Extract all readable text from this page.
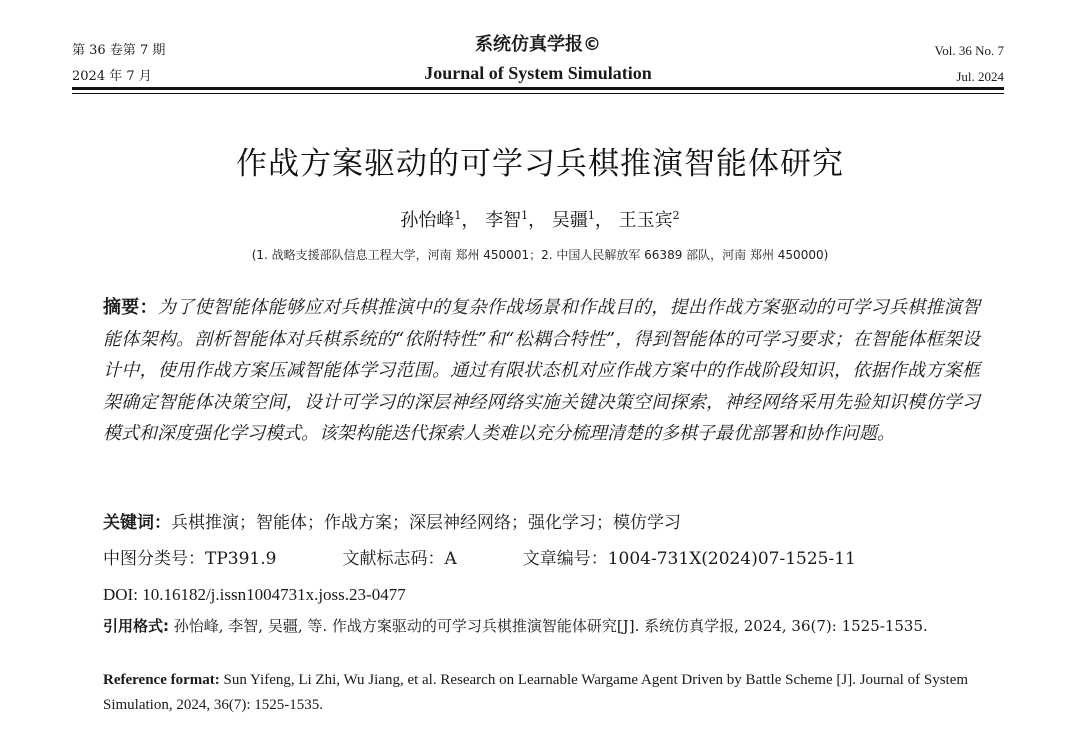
第 36 卷第 7 期
2024 年 7 月
系统仿真学报©
Journal of System Simulation
Vol. 36 No. 7
Jul. 2024
作战方案驱动的可学习兵棋推演智能体研究
孙怡峰$^1$， 李智$^1$， 吴疆$^1$， 王玉宾$^2$
(1. 战略支援部队信息工程大学，河南 郑州 450001；2. 中国人民解放军 66389 部队，河南 郑州 450000)
摘要：为了使智能体能够应对兵棋推演中的复杂作战场景和作战目的，提出作战方案驱动的可学习兵棋推演智能体架构。剖析智能体对兵棋系统的“依附特性”和“松耦合特性”，得到智能体的可学习要求；在智能体框架设计中，使用作战方案压减智能体学习范围。通过有限状态机对应作战方案中的作战阶段知识，依据作战方案框架确定智能体决策空间，设计可学习的深层神经网络实施关键决策空间探索，神经网络采用先验知识模仿学习模式和深度强化学习模式。该架构能迭代探索人类难以充分梳理清楚的多棋子最优部署和协作问题。
关键词：兵棋推演；智能体；作战方案；深层神经网络；强化学习；模仿学习
中图分类号：TP391.9	文献标志码：A	文章编号：1004-731X(2024)07-1525-11
DOI: 10.16182/j.issn1004731x.joss.23-0477
引用格式: 孙怡峰, 李智, 吴疆, 等. 作战方案驱动的可学习兵棋推演智能体研究[J]. 系统仿真学报, 2024, 36(7): 1525-1535.
Reference format: Sun Yifeng, Li Zhi, Wu Jiang, et al. Research on Learnable Wargame Agent Driven by Battle Scheme [J]. Journal of System Simulation, 2024, 36(7): 1525-1535.
